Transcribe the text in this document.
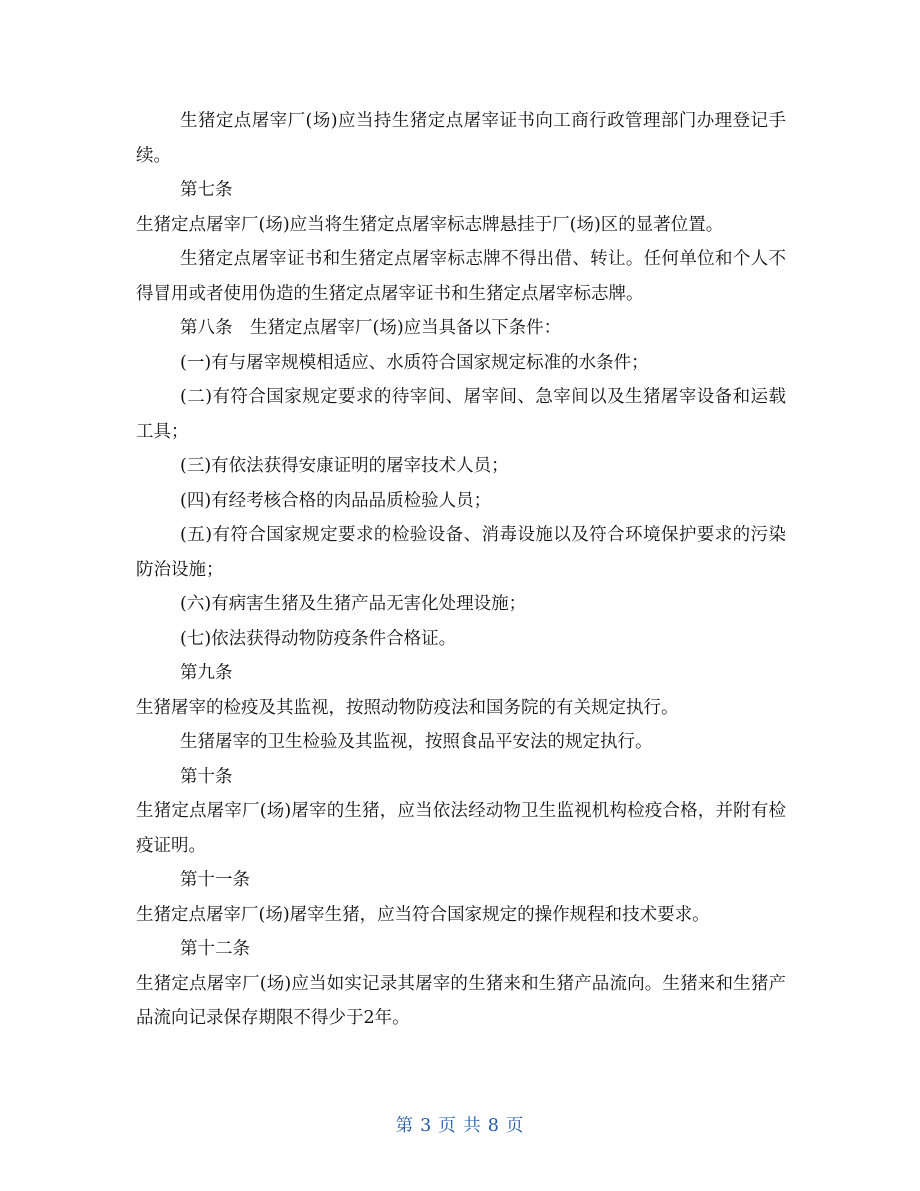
生猪定点屠宰厂(场)应当持生猪定点屠宰证书向工商行政管理部门办理登记手续。

第七条

生猪定点屠宰厂(场)应当将生猪定点屠宰标志牌悬挂于厂(场)区的显著位置。

生猪定点屠宰证书和生猪定点屠宰标志牌不得出借、转让。任何单位和个人不得冒用或者使用伪造的生猪定点屠宰证书和生猪定点屠宰标志牌。

第八条　生猪定点屠宰厂(场)应当具备以下条件：

(一)有与屠宰规模相适应、水质符合国家规定标准的水条件；

(二)有符合国家规定要求的待宰间、屠宰间、急宰间以及生猪屠宰设备和运载工具；

(三)有依法获得安康证明的屠宰技术人员；

(四)有经考核合格的肉品品质检验人员；

(五)有符合国家规定要求的检验设备、消毒设施以及符合环境保护要求的污染防治设施；

(六)有病害生猪及生猪产品无害化处理设施；

(七)依法获得动物防疫条件合格证。

第九条

生猪屠宰的检疫及其监视，按照动物防疫法和国务院的有关规定执行。

生猪屠宰的卫生检验及其监视，按照食品平安法的规定执行。

第十条

生猪定点屠宰厂(场)屠宰的生猪，应当依法经动物卫生监视机构检疫合格，并附有检疫证明。

第十一条

生猪定点屠宰厂(场)屠宰生猪，应当符合国家规定的操作规程和技术要求。

第十二条

生猪定点屠宰厂(场)应当如实记录其屠宰的生猪来和生猪产品流向。生猪来和生猪产品流向记录保存期限不得少于2年。

第 3 页 共 8 页
